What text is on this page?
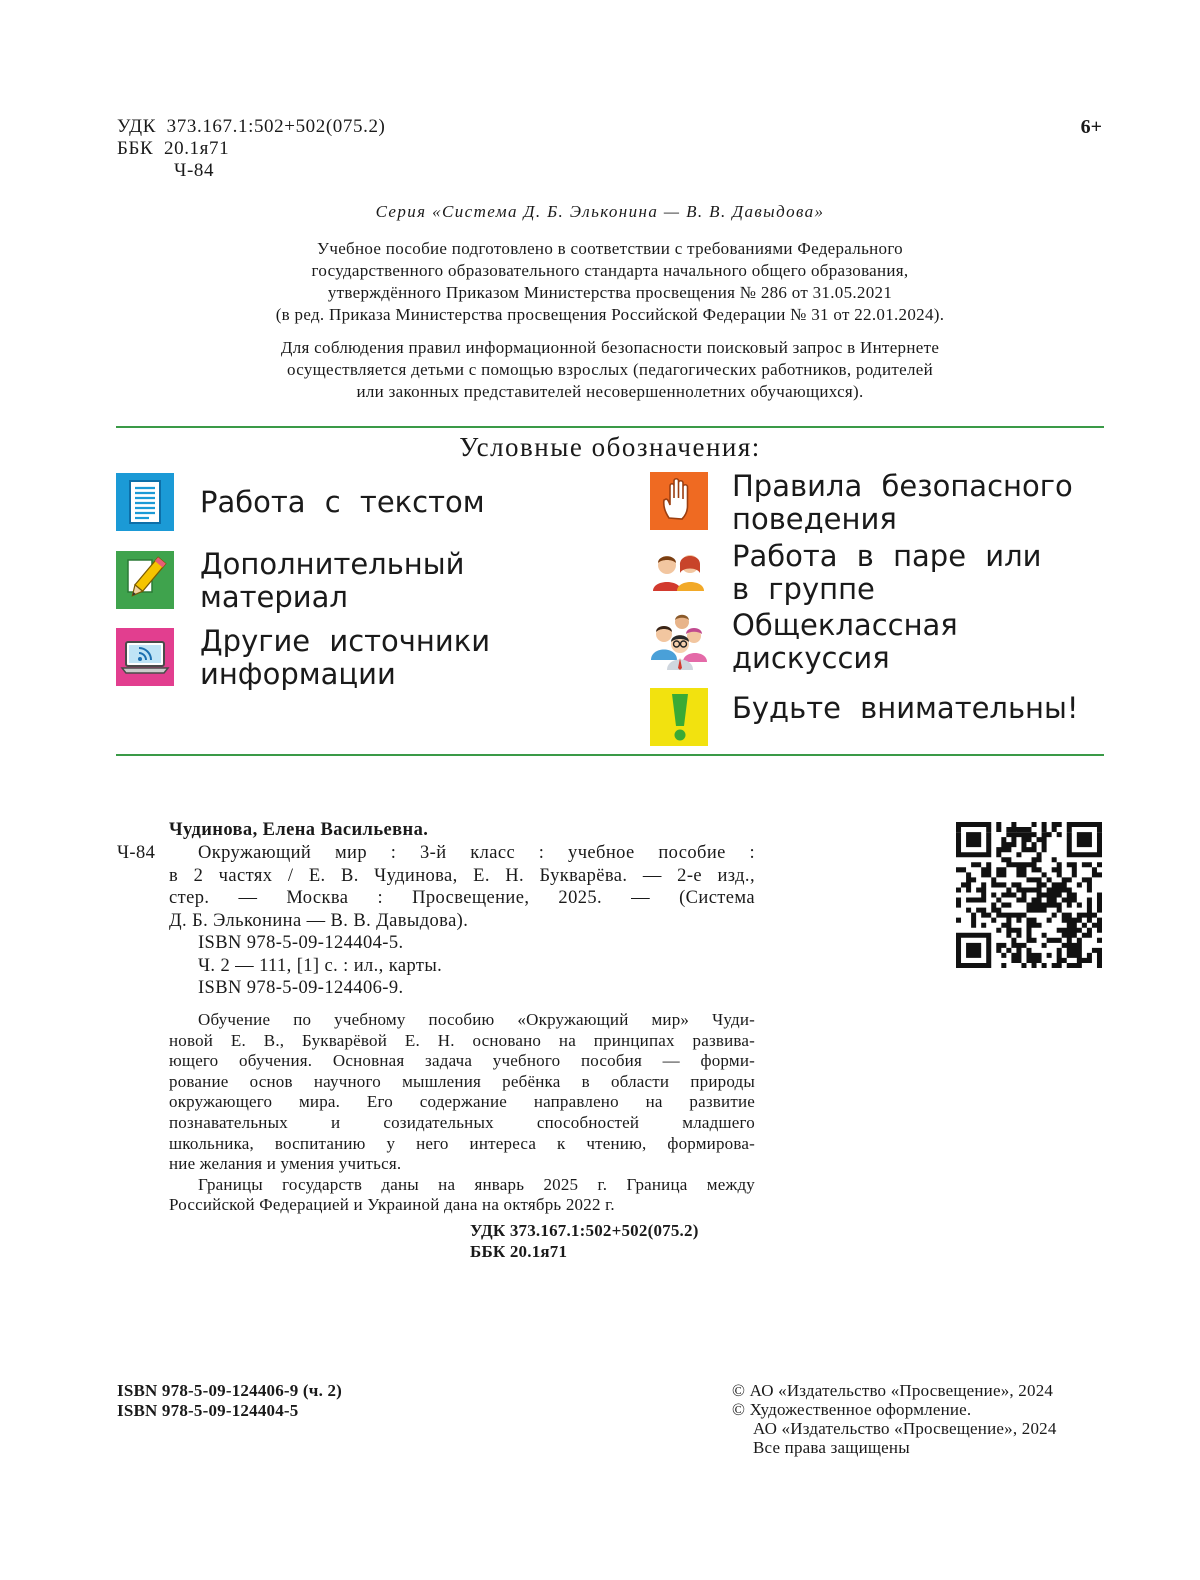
УДК 373.167.1:502+502(075.2)
ББК 20.1я71
Ч-84
6+
Серия «Система Д. Б. Эльконина — В. В. Давыдова»
Учебное пособие подготовлено в соответствии с требованиями Федерального
государственного образовательного стандарта начального общего образования,
утверждённого Приказом Министерства просвещения № 286 от 31.05.2021
(в ред. Приказа Министерства просвещения Российской Федерации № 31 от 22.01.2024).
Для соблюдения правил информационной безопасности поисковый запрос в Интернете
осуществляется детьми с помощью взрослых (педагогических работников, родителей
или законных представителей несовершеннолетних обучающихся).
Условные обозначения:
Работа с текстом
Дополнительный
материал
Другие источники
информации
Правила безопасного
поведения
Работа в паре или
в группе
Общеклассная
дискуссия
Будьте внимательны!
Чудинова, Елена Васильевна.
Ч-84	Окружающий мир : 3-й класс : учебное пособие :
в 2 частях / Е. В. Чудинова, Е. Н. Букварёва. — 2-е изд.,
стер. — Москва : Просвещение, 2025. — (Система
Д. Б. Эльконина — В. В. Давыдова).
ISBN 978-5-09-124404-5.
Ч. 2 — 111, [1] с. : ил., карты.
ISBN 978-5-09-124406-9.
Обучение по учебному пособию «Окружающий мир» Чуди-
новой Е. В., Букварёвой Е. Н. основано на принципах развива-
ющего обучения. Основная задача учебного пособия — форми-
рование основ научного мышления ребёнка в области природы
окружающего мира. Его содержание направлено на развитие
познавательных и созидательных способностей младшего
школьника, воспитанию у него интереса к чтению, формирова-
ние желания и умения учиться.
Границы государств даны на январь 2025 г. Граница между
Российской Федерацией и Украиной дана на октябрь 2022 г.
УДК 373.167.1:502+502(075.2)
ББК 20.1я71
ISBN 978-5-09-124406-9 (ч. 2)
ISBN 978-5-09-124404-5
© АО «Издательство «Просвещение», 2024
© Художественное оформление.
АО «Издательство «Просвещение», 2024
Все права защищены
